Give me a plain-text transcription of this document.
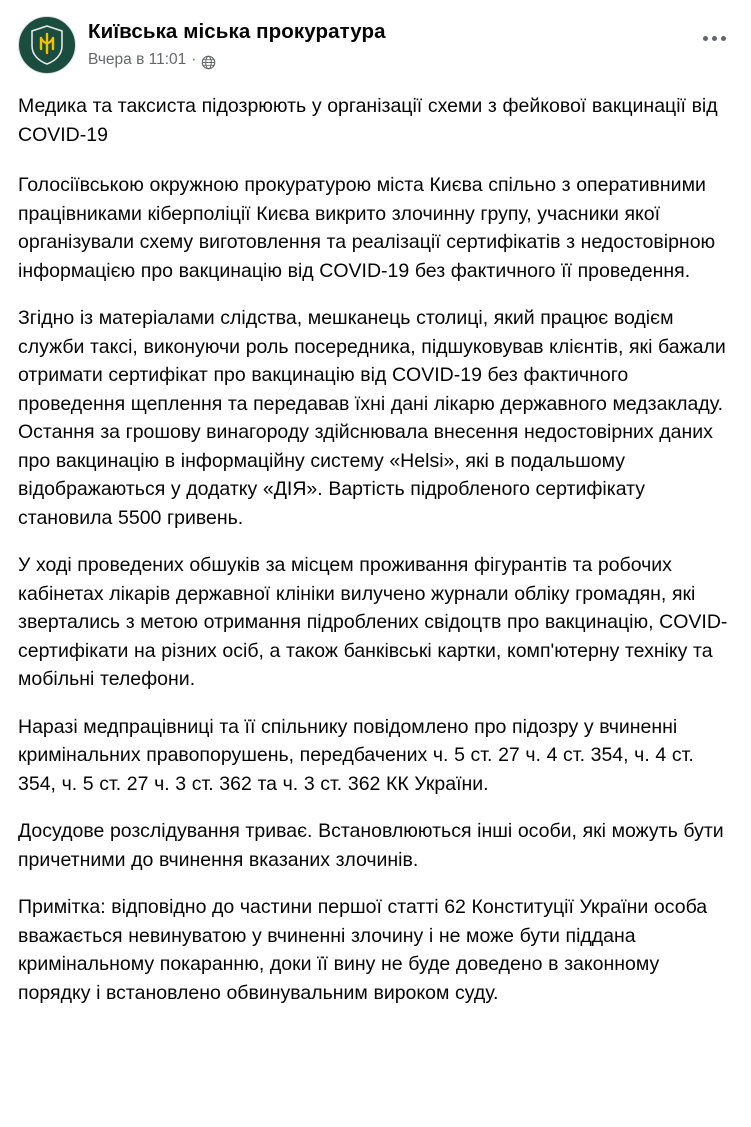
Київська міська прокуратура
Вчера в 11:01 ·

Медика та таксиста підозрюють у організації схеми з фейкової вакцинації від COVID-19

Голосіївською окружною прокуратурою міста Києва спільно з оперативними працівниками кіберполіції Києва викрито злочинну групу, учасники якої організували схему виготовлення та реалізації сертифікатів з недостовірною інформацією про вакцинацію від COVID-19 без фактичного її проведення.

Згідно із матеріалами слідства, мешканець столиці, який працює водієм служби таксі, виконуючи роль посередника, підшуковував клієнтів, які бажали отримати сертифікат про вакцинацію від COVID-19 без фактичного проведення щеплення та передавав їхні дані лікарю державного медзакладу. Остання за грошову винагороду здійснювала внесення недостовірних даних про вакцинацію в інформаційну систему «Helsi», які в подальшому відображаються у додатку «ДІЯ». Вартість підробленого сертифікату становила 5500 гривень.

У ході проведених обшуків за місцем проживання фігурантів та робочих кабінетах лікарів державної клініки вилучено журнали обліку громадян, які звертались з метою отримання підроблених свідоцтв про вакцинацію, COVID-сертифікати на різних осіб, а також банківські картки, комп'ютерну техніку та мобільні телефони.

Наразі медпрацівниці та її спільнику повідомлено про підозру у вчиненні кримінальних правопорушень, передбачених ч. 5 ст. 27 ч. 4 ст. 354, ч. 4 ст. 354, ч. 5 ст. 27 ч. 3 ст. 362 та ч. 3 ст. 362 КК України.

Досудове розслідування триває. Встановлюються інші особи, які можуть бути причетними до вчинення вказаних злочинів.

Примітка: відповідно до частини першої статті 62 Конституції України особа вважається невинуватою у вчиненні злочину і не може бути піддана кримінальному покаранню, доки її вину не буде доведено в законному порядку і встановлено обвинувальним вироком суду.
